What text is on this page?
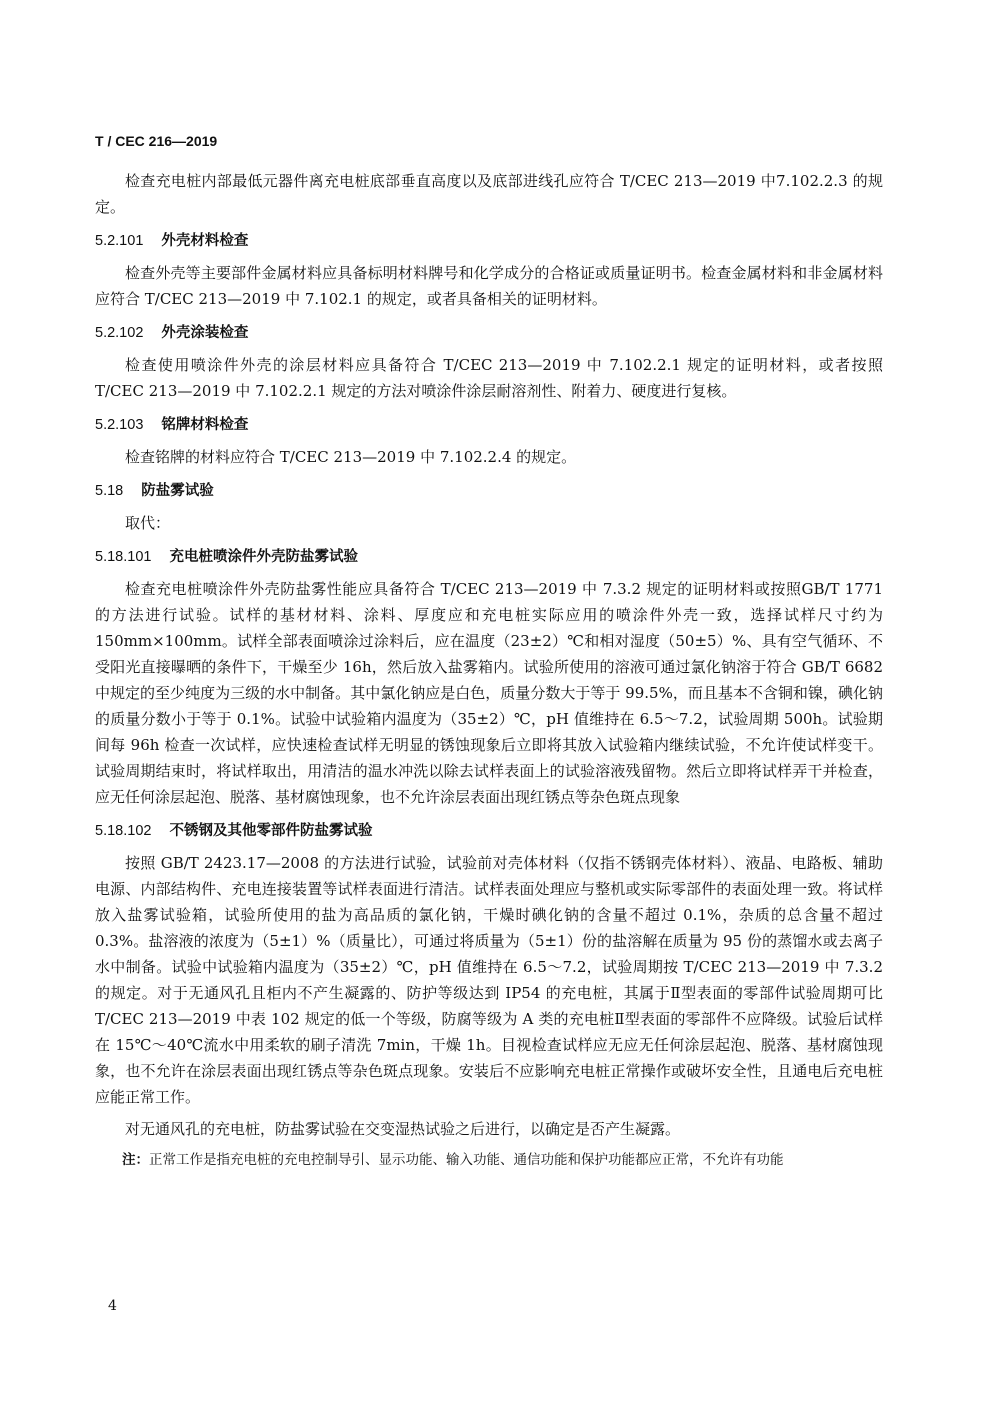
T / CEC 216—2019

检查充电桩内部最低元器件离充电桩底部垂直高度以及底部进线孔应符合 T/CEC 213—2019 中7.102.2.3 的规定。

5.2.101 外壳材料检查

检查外壳等主要部件金属材料应具备标明材料牌号和化学成分的合格证或质量证明书。检查金属材料和非金属材料应符合 T/CEC 213—2019 中 7.102.1 的规定，或者具备相关的证明材料。

5.2.102 外壳涂装检查

检查使用喷涂件外壳的涂层材料应具备符合 T/CEC 213—2019 中 7.102.2.1 规定的证明材料，或者按照 T/CEC 213—2019 中 7.102.2.1 规定的方法对喷涂件涂层耐溶剂性、附着力、硬度进行复核。

5.2.103 铭牌材料检查

检查铭牌的材料应符合 T/CEC 213—2019 中 7.102.2.4 的规定。

5.18 防盐雾试验

取代：

5.18.101 充电桩喷涂件外壳防盐雾试验

检查充电桩喷涂件外壳防盐雾性能应具备符合 T/CEC 213—2019 中 7.3.2 规定的证明材料或按照GB/T 1771 的方法进行试验。试样的基材材料、涂料、厚度应和充电桩实际应用的喷涂件外壳一致，选择试样尺寸约为 150mm×100mm。试样全部表面喷涂过涂料后，应在温度（23±2）℃和相对湿度（50±5）%、具有空气循环、不受阳光直接曝晒的条件下，干燥至少 16h，然后放入盐雾箱内。试验所使用的溶液可通过氯化钠溶于符合 GB/T 6682 中规定的至少纯度为三级的水中制备。其中氯化钠应是白色，质量分数大于等于 99.5%，而且基本不含铜和镍，碘化钠的质量分数小于等于 0.1%。试验中试验箱内温度为（35±2）℃，pH 值维持在 6.5～7.2，试验周期 500h。试验期间每 96h 检查一次试样，应快速检查试样无明显的锈蚀现象后立即将其放入试验箱内继续试验，不允许使试样变干。试验周期结束时，将试样取出，用清洁的温水冲洗以除去试样表面上的试验溶液残留物。然后立即将试样弄干并检查，应无任何涂层起泡、脱落、基材腐蚀现象，也不允许涂层表面出现红锈点等杂色斑点现象

5.18.102 不锈钢及其他零部件防盐雾试验

按照 GB/T 2423.17—2008 的方法进行试验，试验前对壳体材料（仅指不锈钢壳体材料）、液晶、电路板、辅助电源、内部结构件、充电连接装置等试样表面进行清洁。试样表面处理应与整机或实际零部件的表面处理一致。将试样放入盐雾试验箱，试验所使用的盐为高品质的氯化钠，干燥时碘化钠的含量不超过 0.1%，杂质的总含量不超过 0.3%。盐溶液的浓度为（5±1）%（质量比），可通过将质量为（5±1）份的盐溶解在质量为 95 份的蒸馏水或去离子水中制备。试验中试验箱内温度为（35±2）℃，pH 值维持在 6.5～7.2，试验周期按 T/CEC 213—2019 中 7.3.2 的规定。对于无通风孔且柜内不产生凝露的、防护等级达到 IP54 的充电桩，其属于Ⅱ型表面的零部件试验周期可比 T/CEC 213—2019 中表 102 规定的低一个等级，防腐等级为 A 类的充电桩Ⅱ型表面的零部件不应降级。试验后试样在 15℃～40℃流水中用柔软的刷子清洗 7min，干燥 1h。目视检查试样应无应无任何涂层起泡、脱落、基材腐蚀现象，也不允许在涂层表面出现红锈点等杂色斑点现象。安装后不应影响充电桩正常操作或破坏安全性，且通电后充电桩应能正常工作。

对无通风孔的充电桩，防盐雾试验在交变湿热试验之后进行，以确定是否产生凝露。

注：正常工作是指充电桩的充电控制导引、显示功能、输入功能、通信功能和保护功能都应正常，不允许有功能

4
